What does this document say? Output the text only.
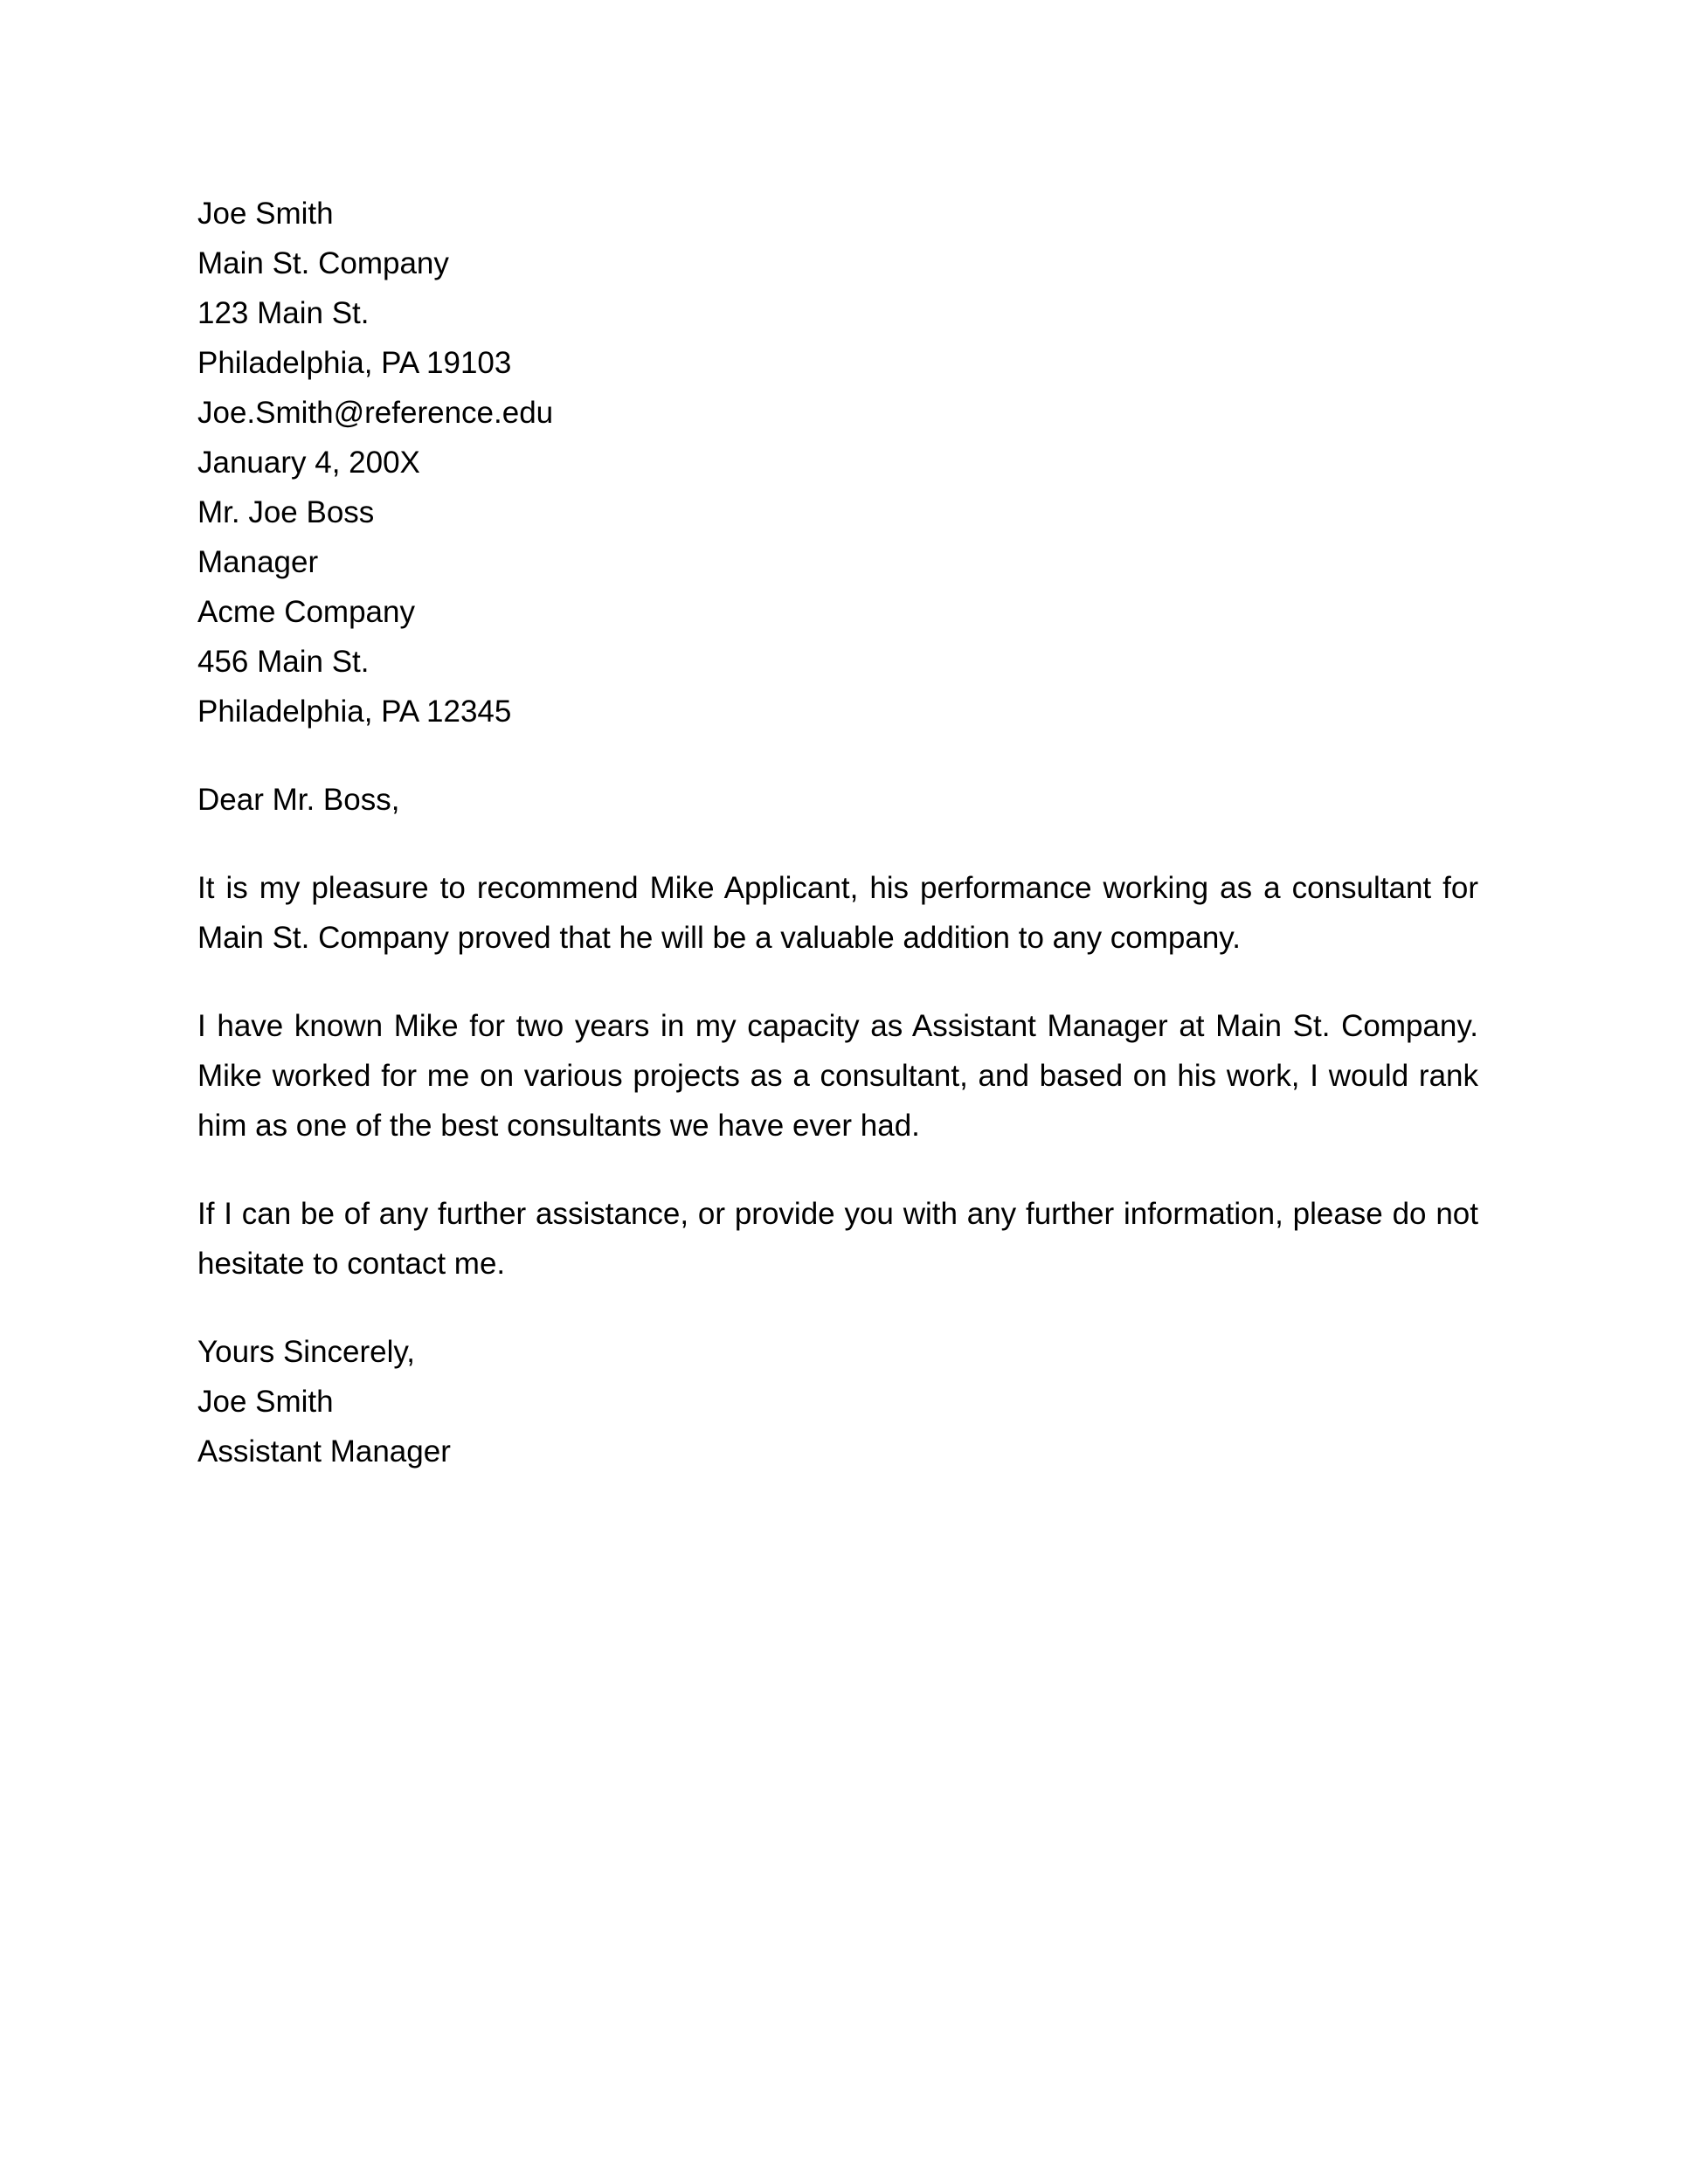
Joe Smith
Main St. Company
123 Main St.
Philadelphia, PA 19103
Joe.Smith@reference.edu
January 4, 200X
Mr. Joe Boss
Manager
Acme Company
456 Main St.
Philadelphia, PA 12345
Dear Mr. Boss,

It is my pleasure to recommend Mike Applicant, his performance working as a consultant for Main St. Company proved that he will be a valuable addition to any company.

I have known Mike for two years in my capacity as Assistant Manager at Main St. Company. Mike worked for me on various projects as a consultant, and based on his work, I would rank him as one of the best consultants we have ever had.

If I can be of any further assistance, or provide you with any further information, please do not hesitate to contact me.

Yours Sincerely,
Joe Smith
Assistant Manager
